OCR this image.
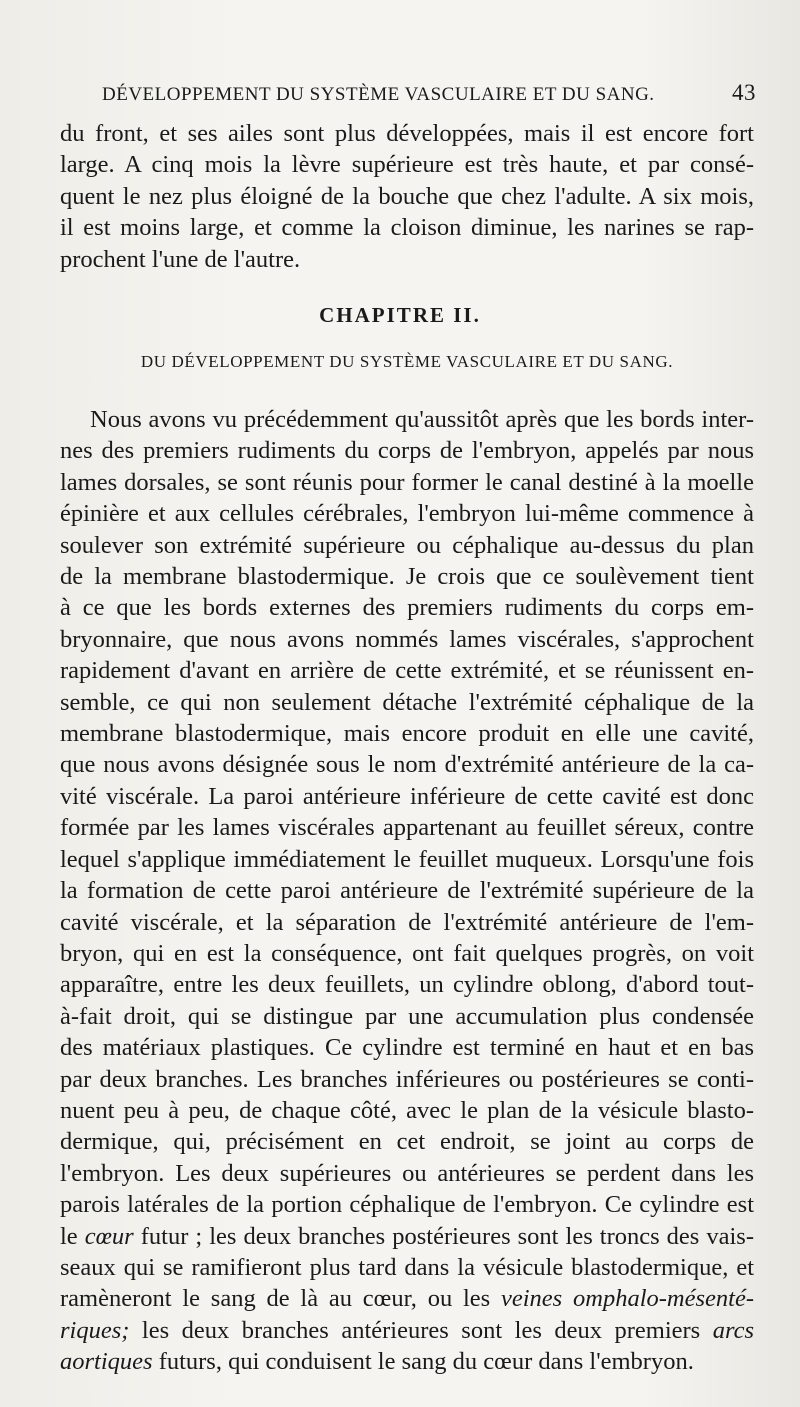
DÉVELOPPEMENT DU SYSTÈME VASCULAIRE ET DU SANG.	43
du front, et ses ailes sont plus développées, mais il est encore fort
large. A cinq mois la lèvre supérieure est très haute, et par consé-
quent le nez plus éloigné de la bouche que chez l'adulte. A six mois,
il est moins large, et comme la cloison diminue, les narines se rap-
prochent l'une de l'autre.
CHAPITRE II.
DU DÉVELOPPEMENT DU SYSTÈME VASCULAIRE ET DU SANG.
Nous avons vu précédemment qu'aussitôt après que les bords inter-
nes des premiers rudiments du corps de l'embryon, appelés par nous
lames dorsales, se sont réunis pour former le canal destiné à la moelle
épinière et aux cellules cérébrales, l'embryon lui-même commence à
soulever son extrémité supérieure ou céphalique au-dessus du plan
de la membrane blastodermique. Je crois que ce soulèvement tient
à ce que les bords externes des premiers rudiments du corps em-
bryonnaire, que nous avons nommés lames viscérales, s'approchent
rapidement d'avant en arrière de cette extrémité, et se réunissent en-
semble, ce qui non seulement détache l'extrémité céphalique de la
membrane blastodermique, mais encore produit en elle une cavité,
que nous avons désignée sous le nom d'extrémité antérieure de la ca-
vité viscérale. La paroi antérieure inférieure de cette cavité est donc
formée par les lames viscérales appartenant au feuillet séreux, contre
lequel s'applique immédiatement le feuillet muqueux. Lorsqu'une fois
la formation de cette paroi antérieure de l'extrémité supérieure de la
cavité viscérale, et la séparation de l'extrémité antérieure de l'em-
bryon, qui en est la conséquence, ont fait quelques progrès, on voit
apparaître, entre les deux feuillets, un cylindre oblong, d'abord tout-
à-fait droit, qui se distingue par une accumulation plus condensée
des matériaux plastiques. Ce cylindre est terminé en haut et en bas
par deux branches. Les branches inférieures ou postérieures se conti-
nuent peu à peu, de chaque côté, avec le plan de la vésicule blasto-
dermique, qui, précisément en cet endroit, se joint au corps de
l'embryon. Les deux supérieures ou antérieures se perdent dans les
parois latérales de la portion céphalique de l'embryon. Ce cylindre est
le cœur futur ; les deux branches postérieures sont les troncs des vais-
seaux qui se ramifieront plus tard dans la vésicule blastodermique, et
ramèneront le sang de là au cœur, ou les veines omphalo-mésenté-
riques; les deux branches antérieures sont les deux premiers arcs
aortiques futurs, qui conduisent le sang du cœur dans l'embryon.
